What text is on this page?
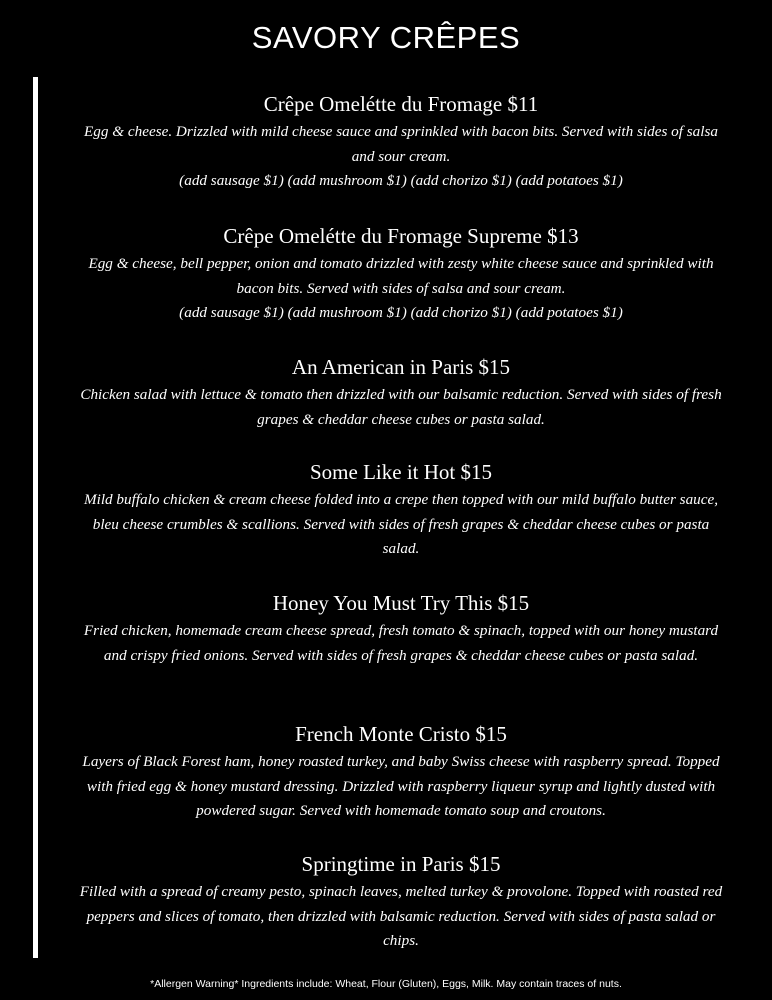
SAVORY CRÊPES
Crêpe Omelétte du Fromage $11
Egg & cheese. Drizzled with mild cheese sauce and sprinkled with bacon bits. Served with sides of salsa and sour cream.
(add sausage $1) (add mushroom $1) (add chorizo $1) (add potatoes $1)
Crêpe Omelétte du Fromage Supreme $13
Egg & cheese, bell pepper, onion and tomato drizzled with zesty white cheese sauce and sprinkled with bacon bits. Served with sides of salsa and sour cream.
(add sausage $1) (add mushroom $1) (add chorizo $1) (add potatoes $1)
An American in Paris $15
Chicken salad with lettuce & tomato then drizzled with our balsamic reduction. Served with sides of fresh grapes & cheddar cheese cubes or pasta salad.
Some Like it Hot $15
Mild buffalo chicken & cream cheese folded into a crepe then topped with our mild buffalo butter sauce, bleu cheese crumbles & scallions. Served with sides of fresh grapes & cheddar cheese cubes or pasta salad.
Honey You Must Try This $15
Fried chicken, homemade cream cheese spread, fresh tomato & spinach, topped with our honey mustard and crispy fried onions. Served with sides of fresh grapes & cheddar cheese cubes or pasta salad.
French Monte Cristo $15
Layers of Black Forest ham, honey roasted turkey, and baby Swiss cheese with raspberry spread. Topped with fried egg & honey mustard dressing. Drizzled with raspberry liqueur syrup and lightly dusted with powdered sugar. Served with homemade tomato soup and croutons.
Springtime in Paris $15
Filled with a spread of creamy pesto, spinach leaves, melted turkey & provolone. Topped with roasted red peppers and slices of tomato, then drizzled with balsamic reduction. Served with sides of pasta salad or chips.
*Allergen Warning* Ingredients include: Wheat, Flour (Gluten), Eggs, Milk. May contain traces of nuts.
